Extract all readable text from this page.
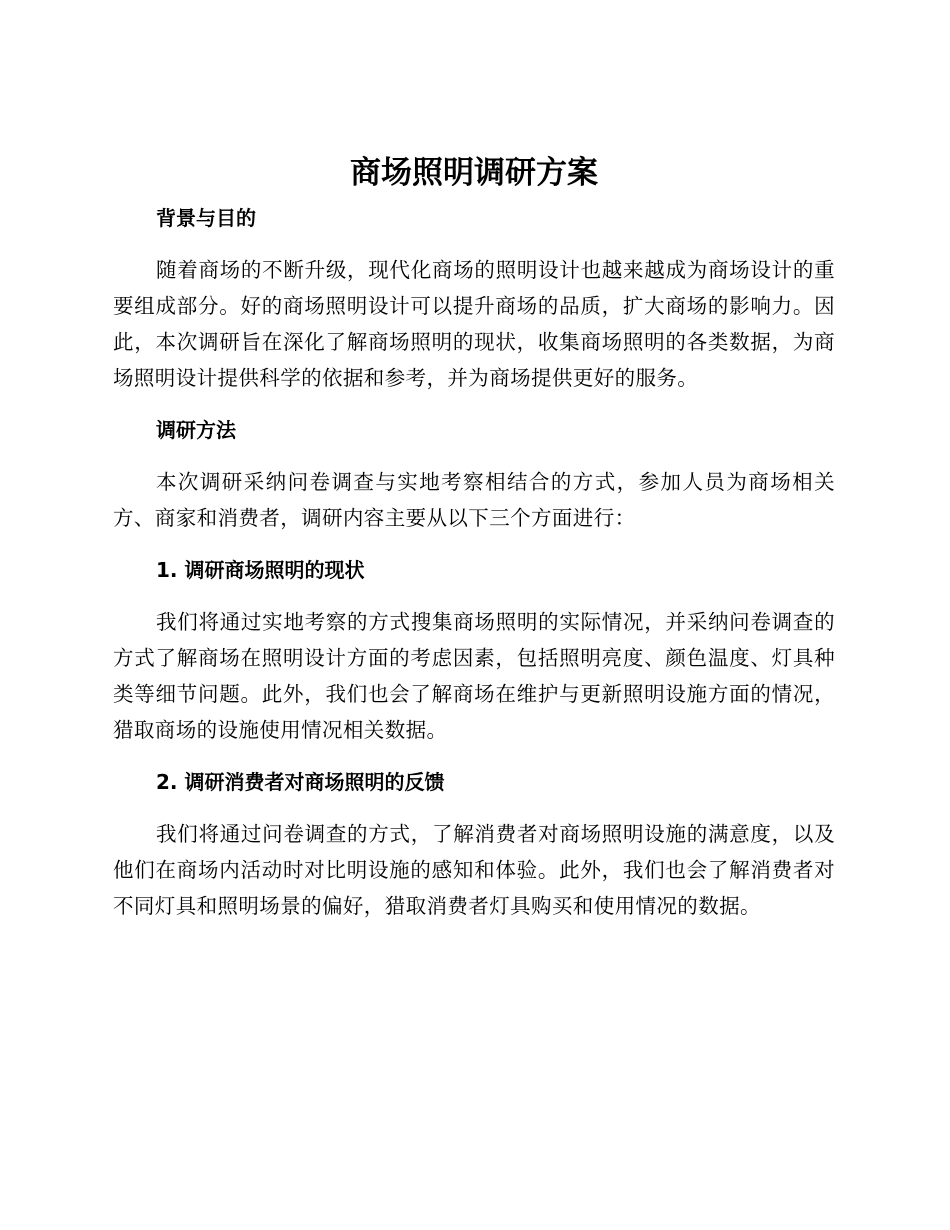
商场照明调研方案
背景与目的

随着商场的不断升级，现代化商场的照明设计也越来越成为商场设计的重要组成部分。好的商场照明设计可以提升商场的品质，扩大商场的影响力。因此，本次调研旨在深化了解商场照明的现状，收集商场照明的各类数据，为商场照明设计提供科学的依据和参考，并为商场提供更好的服务。

调研方法

本次调研采纳问卷调查与实地考察相结合的方式，参加人员为商场相关方、商家和消费者，调研内容主要从以下三个方面进行：

1. 调研商场照明的现状

我们将通过实地考察的方式搜集商场照明的实际情况，并采纳问卷调查的方式了解商场在照明设计方面的考虑因素，包括照明亮度、颜色温度、灯具种类等细节问题。此外，我们也会了解商场在维护与更新照明设施方面的情况，猎取商场的设施使用情况相关数据。

2. 调研消费者对商场照明的反馈

我们将通过问卷调查的方式，了解消费者对商场照明设施的满意度，以及他们在商场内活动时对比明设施的感知和体验。此外，我们也会了解消费者对不同灯具和照明场景的偏好，猎取消费者灯具购买和使用情况的数据。
